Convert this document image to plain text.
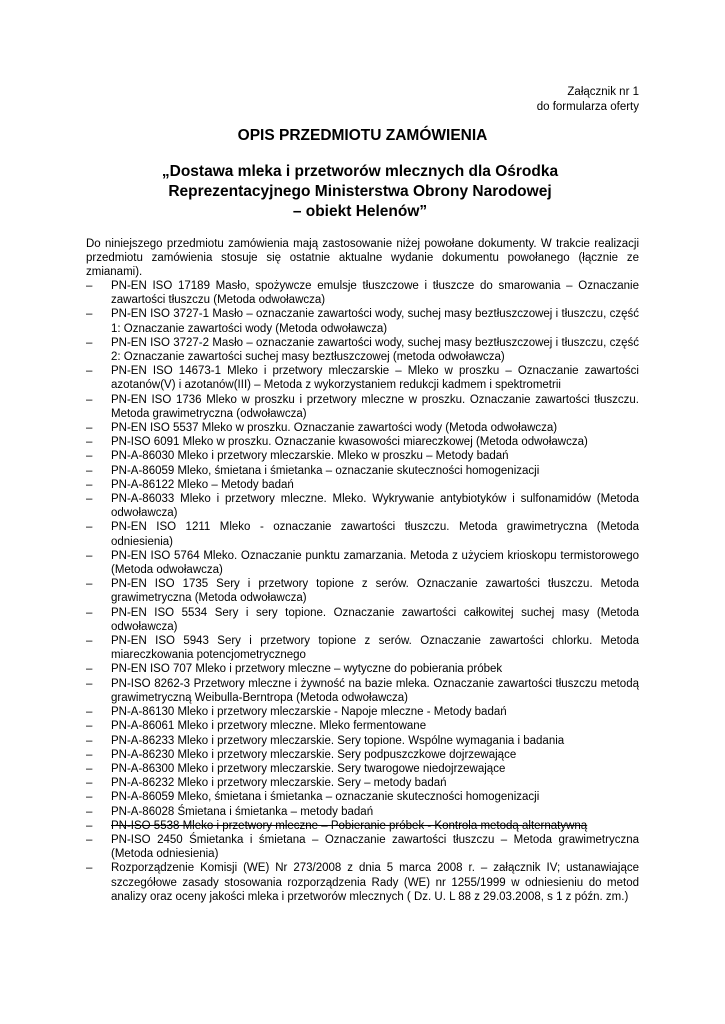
Załącznik nr 1
do formularza oferty
OPIS PRZEDMIOTU ZAMÓWIENIA
„Dostawa mleka i przetworów mlecznych dla Ośrodka
Reprezentacyjnego Ministerstwa Obrony Narodowej
– obiekt Helenów”
Do niniejszego przedmiotu zamówienia mają zastosowanie niżej powołane dokumenty. W trakcie realizacji przedmiotu zamówienia stosuje się ostatnie aktualne wydanie dokumentu powołanego (łącznie ze zmianami).
– PN-EN ISO 17189 Masło, spożywcze emulsje tłuszczowe i tłuszcze do smarowania – Oznaczanie zawartości tłuszczu (Metoda odwoławcza)
– PN-EN ISO 3727-1 Masło – oznaczanie zawartości wody, suchej masy beztłuszczowej i tłuszczu, część 1: Oznaczanie zawartości wody (Metoda odwoławcza)
– PN-EN ISO 3727-2 Masło – oznaczanie zawartości wody, suchej masy beztłuszczowej i tłuszczu, część 2: Oznaczanie zawartości suchej masy beztłuszczowej (metoda odwoławcza)
– PN-EN ISO 14673-1 Mleko i przetwory mleczarskie – Mleko w proszku – Oznaczanie zawartości azotanów(V) i azotanów(III) – Metoda z wykorzystaniem redukcji kadmem i spektrometrii
– PN-EN ISO 1736 Mleko w proszku i przetwory mleczne w proszku. Oznaczanie zawartości tłuszczu. Metoda grawimetryczna (odwoławcza)
– PN-EN ISO 5537 Mleko w proszku. Oznaczanie zawartości wody (Metoda odwoławcza)
– PN-ISO 6091 Mleko w proszku. Oznaczanie kwasowości miareczkowej (Metoda odwoławcza)
– PN-A-86030 Mleko i przetwory mleczarskie. Mleko w proszku – Metody badań
– PN-A-86059 Mleko, śmietana i śmietanka – oznaczanie skuteczności homogenizacji
– PN-A-86122 Mleko – Metody badań
– PN-A-86033 Mleko i przetwory mleczne. Mleko. Wykrywanie antybiotyków i sulfonamidów (Metoda odwoławcza)
– PN-EN ISO 1211 Mleko - oznaczanie zawartości tłuszczu. Metoda grawimetryczna (Metoda odniesienia)
– PN-EN ISO 5764 Mleko. Oznaczanie punktu zamarzania. Metoda z użyciem krioskopu termistorowego (Metoda odwoławcza)
– PN-EN ISO 1735 Sery i przetwory topione z serów. Oznaczanie zawartości tłuszczu. Metoda grawimetryczna (Metoda odwoławcza)
– PN-EN ISO 5534 Sery i sery topione. Oznaczanie zawartości całkowitej suchej masy (Metoda odwoławcza)
– PN-EN ISO 5943 Sery i przetwory topione z serów. Oznaczanie zawartości chlorku. Metoda miareczkowania potencjometrycznego
– PN-EN ISO 707 Mleko i przetwory mleczne – wytyczne do pobierania próbek
– PN-ISO 8262-3 Przetwory mleczne i żywność na bazie mleka. Oznaczanie zawartości tłuszczu metodą grawimetryczną Weibulla-Berntropa (Metoda odwoławcza)
– PN-A-86130 Mleko i przetwory mleczarskie - Napoje mleczne - Metody badań
– PN-A-86061 Mleko i przetwory mleczne. Mleko fermentowane
– PN-A-86233 Mleko i przetwory mleczarskie. Sery topione. Wspólne wymagania i badania
– PN-A-86230 Mleko i przetwory mleczarskie. Sery podpuszczkowe dojrzewające
– PN-A-86300 Mleko i przetwory mleczarskie. Sery twarogowe niedojrzewające
– PN-A-86232 Mleko i przetwory mleczarskie. Sery – metody badań
– PN-A-86059 Mleko, śmietana i śmietanka – oznaczanie skuteczności homogenizacji
– PN-A-86028 Śmietana i śmietanka – metody badań
– PN-ISO 5538 Mleko i przetwory mleczne – Pobieranie próbek - Kontrola metodą alternatywną
– PN-ISO 2450 Śmietanka i śmietana – Oznaczanie zawartości tłuszczu – Metoda grawimetryczna (Metoda odniesienia)
– Rozporządzenie Komisji (WE) Nr 273/2008 z dnia 5 marca 2008 r. – załącznik IV; ustanawiające szczegółowe zasady stosowania rozporządzenia Rady (WE) nr 1255/1999 w odniesieniu do metod analizy oraz oceny jakości mleka i przetworów mlecznych ( Dz. U. L 88 z 29.03.2008, s 1 z późn. zm.)
